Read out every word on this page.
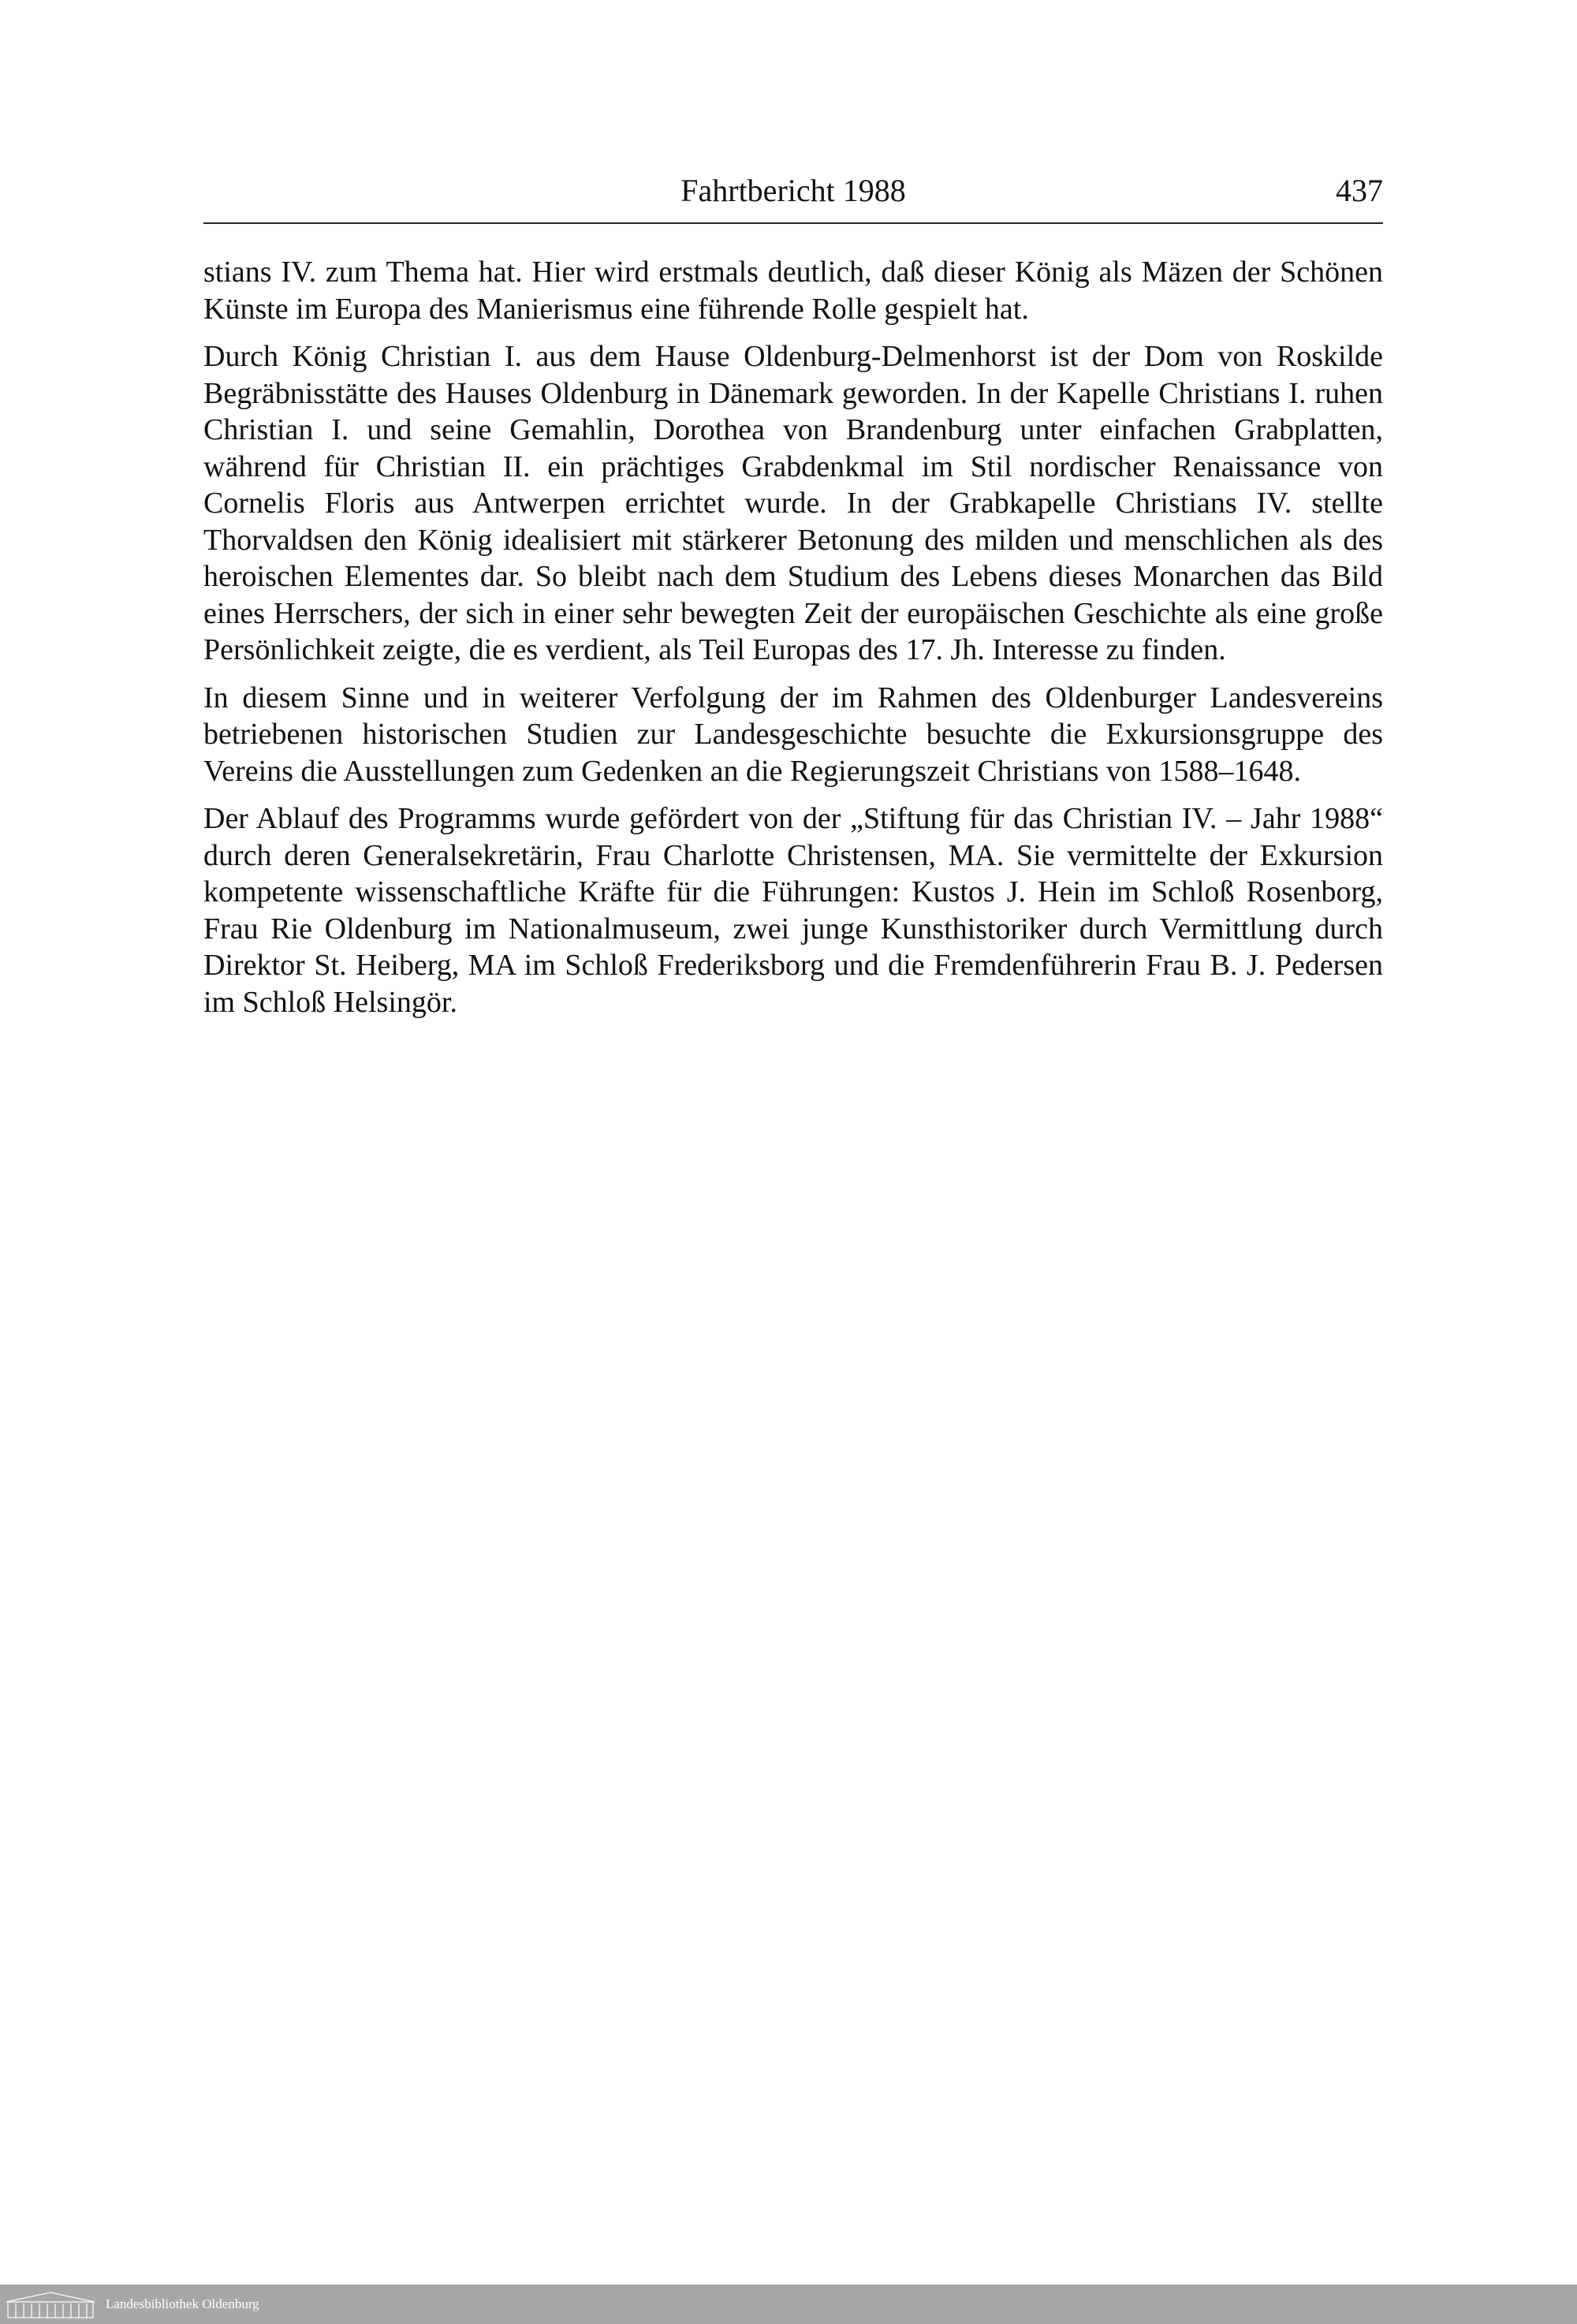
Fahrtbericht 1988	437

stians IV. zum Thema hat. Hier wird erstmals deutlich, daß dieser König als Mäzen der Schönen Künste im Europa des Manierismus eine führende Rolle gespielt hat.

Durch König Christian I. aus dem Hause Oldenburg-Delmenhorst ist der Dom von Roskilde Begräbnisstätte des Hauses Oldenburg in Dänemark geworden. In der Kapelle Christians I. ruhen Christian I. und seine Gemahlin, Dorothea von Brandenburg unter einfachen Grabplatten, während für Christian II. ein prächtiges Grabdenkmal im Stil nordischer Renaissance von Cornelis Floris aus Antwerpen errichtet wurde. In der Grabkapelle Christians IV. stellte Thorvaldsen den König idealisiert mit stärkerer Betonung des milden und menschlichen als des heroischen Elementes dar. So bleibt nach dem Studium des Lebens dieses Monarchen das Bild eines Herrschers, der sich in einer sehr bewegten Zeit der europäischen Geschichte als eine große Persönlichkeit zeigte, die es verdient, als Teil Europas des 17. Jh. Interesse zu finden.

In diesem Sinne und in weiterer Verfolgung der im Rahmen des Oldenburger Landesvereins betriebenen historischen Studien zur Landesgeschichte besuchte die Exkursionsgruppe des Vereins die Ausstellungen zum Gedenken an die Regierungszeit Christians von 1588–1648.

Der Ablauf des Programms wurde gefördert von der „Stiftung für das Christian IV. – Jahr 1988“ durch deren Generalsekretärin, Frau Charlotte Christensen, MA. Sie vermittelte der Exkursion kompetente wissenschaftliche Kräfte für die Führungen: Kustos J. Hein im Schloß Rosenborg, Frau Rie Oldenburg im Nationalmuseum, zwei junge Kunsthistoriker durch Vermittlung durch Direktor St. Heiberg, MA im Schloß Frederiksborg und die Fremdenführerin Frau B. J. Pedersen im Schloß Helsingör.

Landesbibliothek Oldenburg
